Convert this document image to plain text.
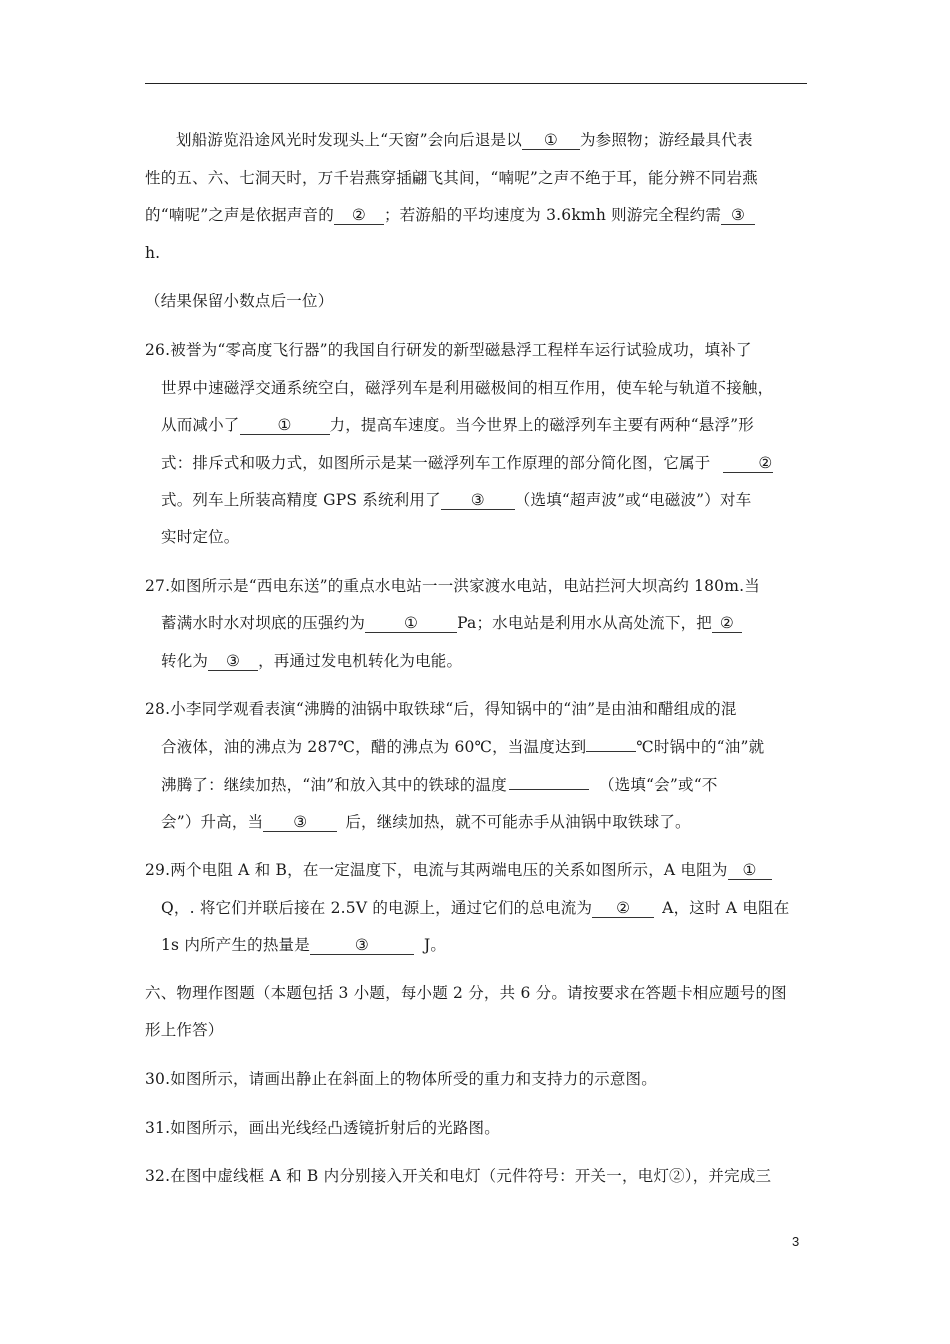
划船游览沿途风光时发现头上“天窗”会向后退是以 ① 为参照物；游经最具代表
性的五、六、七洞天时，万千岩燕穿插翩飞其间，“喃呢”之声不绝于耳，能分辨不同岩燕
的“喃呢”之声是依据声音的 ② ；若游船的平均速度为 3.6kmh 则游完全程约需 ③
h.
（结果保留小数点后一位）
26.被誉为“零高度飞行器”的我国自行研发的新型磁悬浮工程样车运行试验成功，填补了
世界中速磁浮交通系统空白，磁浮列车是利用磁极间的相互作用，使车轮与轨道不接触，
从而减小了 ① 力，提高车速度。当今世界上的磁浮列车主要有两种“悬浮”形
式：排斥式和吸力式，如图所示是某一磁浮列车工作原理的部分简化图，它属于	②
式。列车上所装高精度 GPS 系统利用了 ③ （选填“超声波”或“电磁波”）对车
实时定位。
27.如图所示是“西电东送”的重点水电站一一洪家渡水电站，电站拦河大坝高约 180m.当
蓄满水时水对坝底的压强约为	①	Pa；水电站是利用水从高处流下，把 ②
转化为 ③ ，再通过发电机转化为电能。
28.小李同学观看表演“沸腾的油锅中取铁球“后，得知锅中的“油”是由油和醋组成的混
合液体，油的沸点为 287℃，醋的沸点为 60℃，当温度达到	℃时锅中的“油”就
沸腾了：继续加热，“油”和放入其中的铁球的温度	（选填“会”或“不
会”）升高，当 ③ 后，继续加热，就不可能赤手从油锅中取铁球了。
29.两个电阻 A 和 B，在一定温度下，电流与其两端电压的关系如图所示，A 电阻为 ①
Q，. 将它们并联后接在 2.5V 的电源上，通过它们的总电流为 ② A，这时 A 电阻在
1s 内所产生的热量是	③	J。
六、物理作图题（本题包括 3 小题，每小题 2 分，共 6 分。请按要求在答题卡相应题号的图
形上作答）
30.如图所示，请画出静止在斜面上的物体所受的重力和支持力的示意图。
31.如图所示，画出光线经凸透镜折射后的光路图。
32.在图中虚线框 A 和 B 内分别接入开关和电灯（元件符号：开关一，电灯②），并完成三
3
